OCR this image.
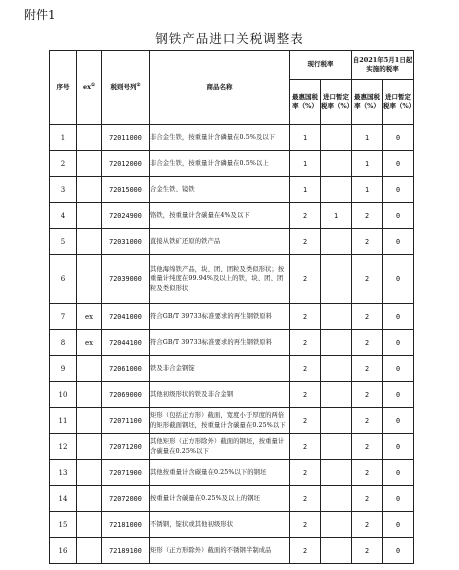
附件1
钢铁产品进口关税调整表
序号	ex①	税则号列②	商品名称	现行税率		自2021年5月1日起实施的税率	
				最惠国税率（%）	进口暂定税率（%）	最惠国税率（%）	进口暂定税率（%）
1		72011000	非合金生铁，按重量计含磷量在0.5%及以下	1		1	0
2		72012000	非合金生铁，按重量计含磷量在0.5%以上	1		1	0
3		72015000	合金生铁、镜铁	1		1	0
4		72024900	铬铁，按重量计含碳量在4%及以下	2	1	2	0
5		72031000	直接从铁矿还原的铁产品	2		2	0
6		72039000	其他海绵铁产品，块、团、团粒及类似形状；按重量计纯度在99.94%及以上的铁，块、团、团粒及类似形状	2		2	0
7	ex	72041000	符合GB/T 39733标准要求的再生钢铁原料	2		2	0
8	ex	72044100	符合GB/T 39733标准要求的再生钢铁原料	2		2	0
9		72061000	铁及非合金钢锭	2		2	0
10		72069000	其他初级形状的铁及非合金钢	2		2	0
11		72071100	矩形（包括正方形）截面，宽度小于厚度的两倍的矩形截面钢坯，按重量计含碳量在0.25%以下	2		2	0
12		72071200	其他矩形（正方形除外）截面的钢坯，按重量计含碳量在0.25%以下	2		2	0
13		72071900	其他按重量计含碳量在0.25%以下的钢坯	2		2	0
14		72072000	按重量计含碳量在0.25%及以上的钢坯	2		2	0
15		72181000	不锈钢，锭状或其他初级形状	2		2	0
16		72189100	矩形（正方形除外）截面的不锈钢半制成品	2		2	0
